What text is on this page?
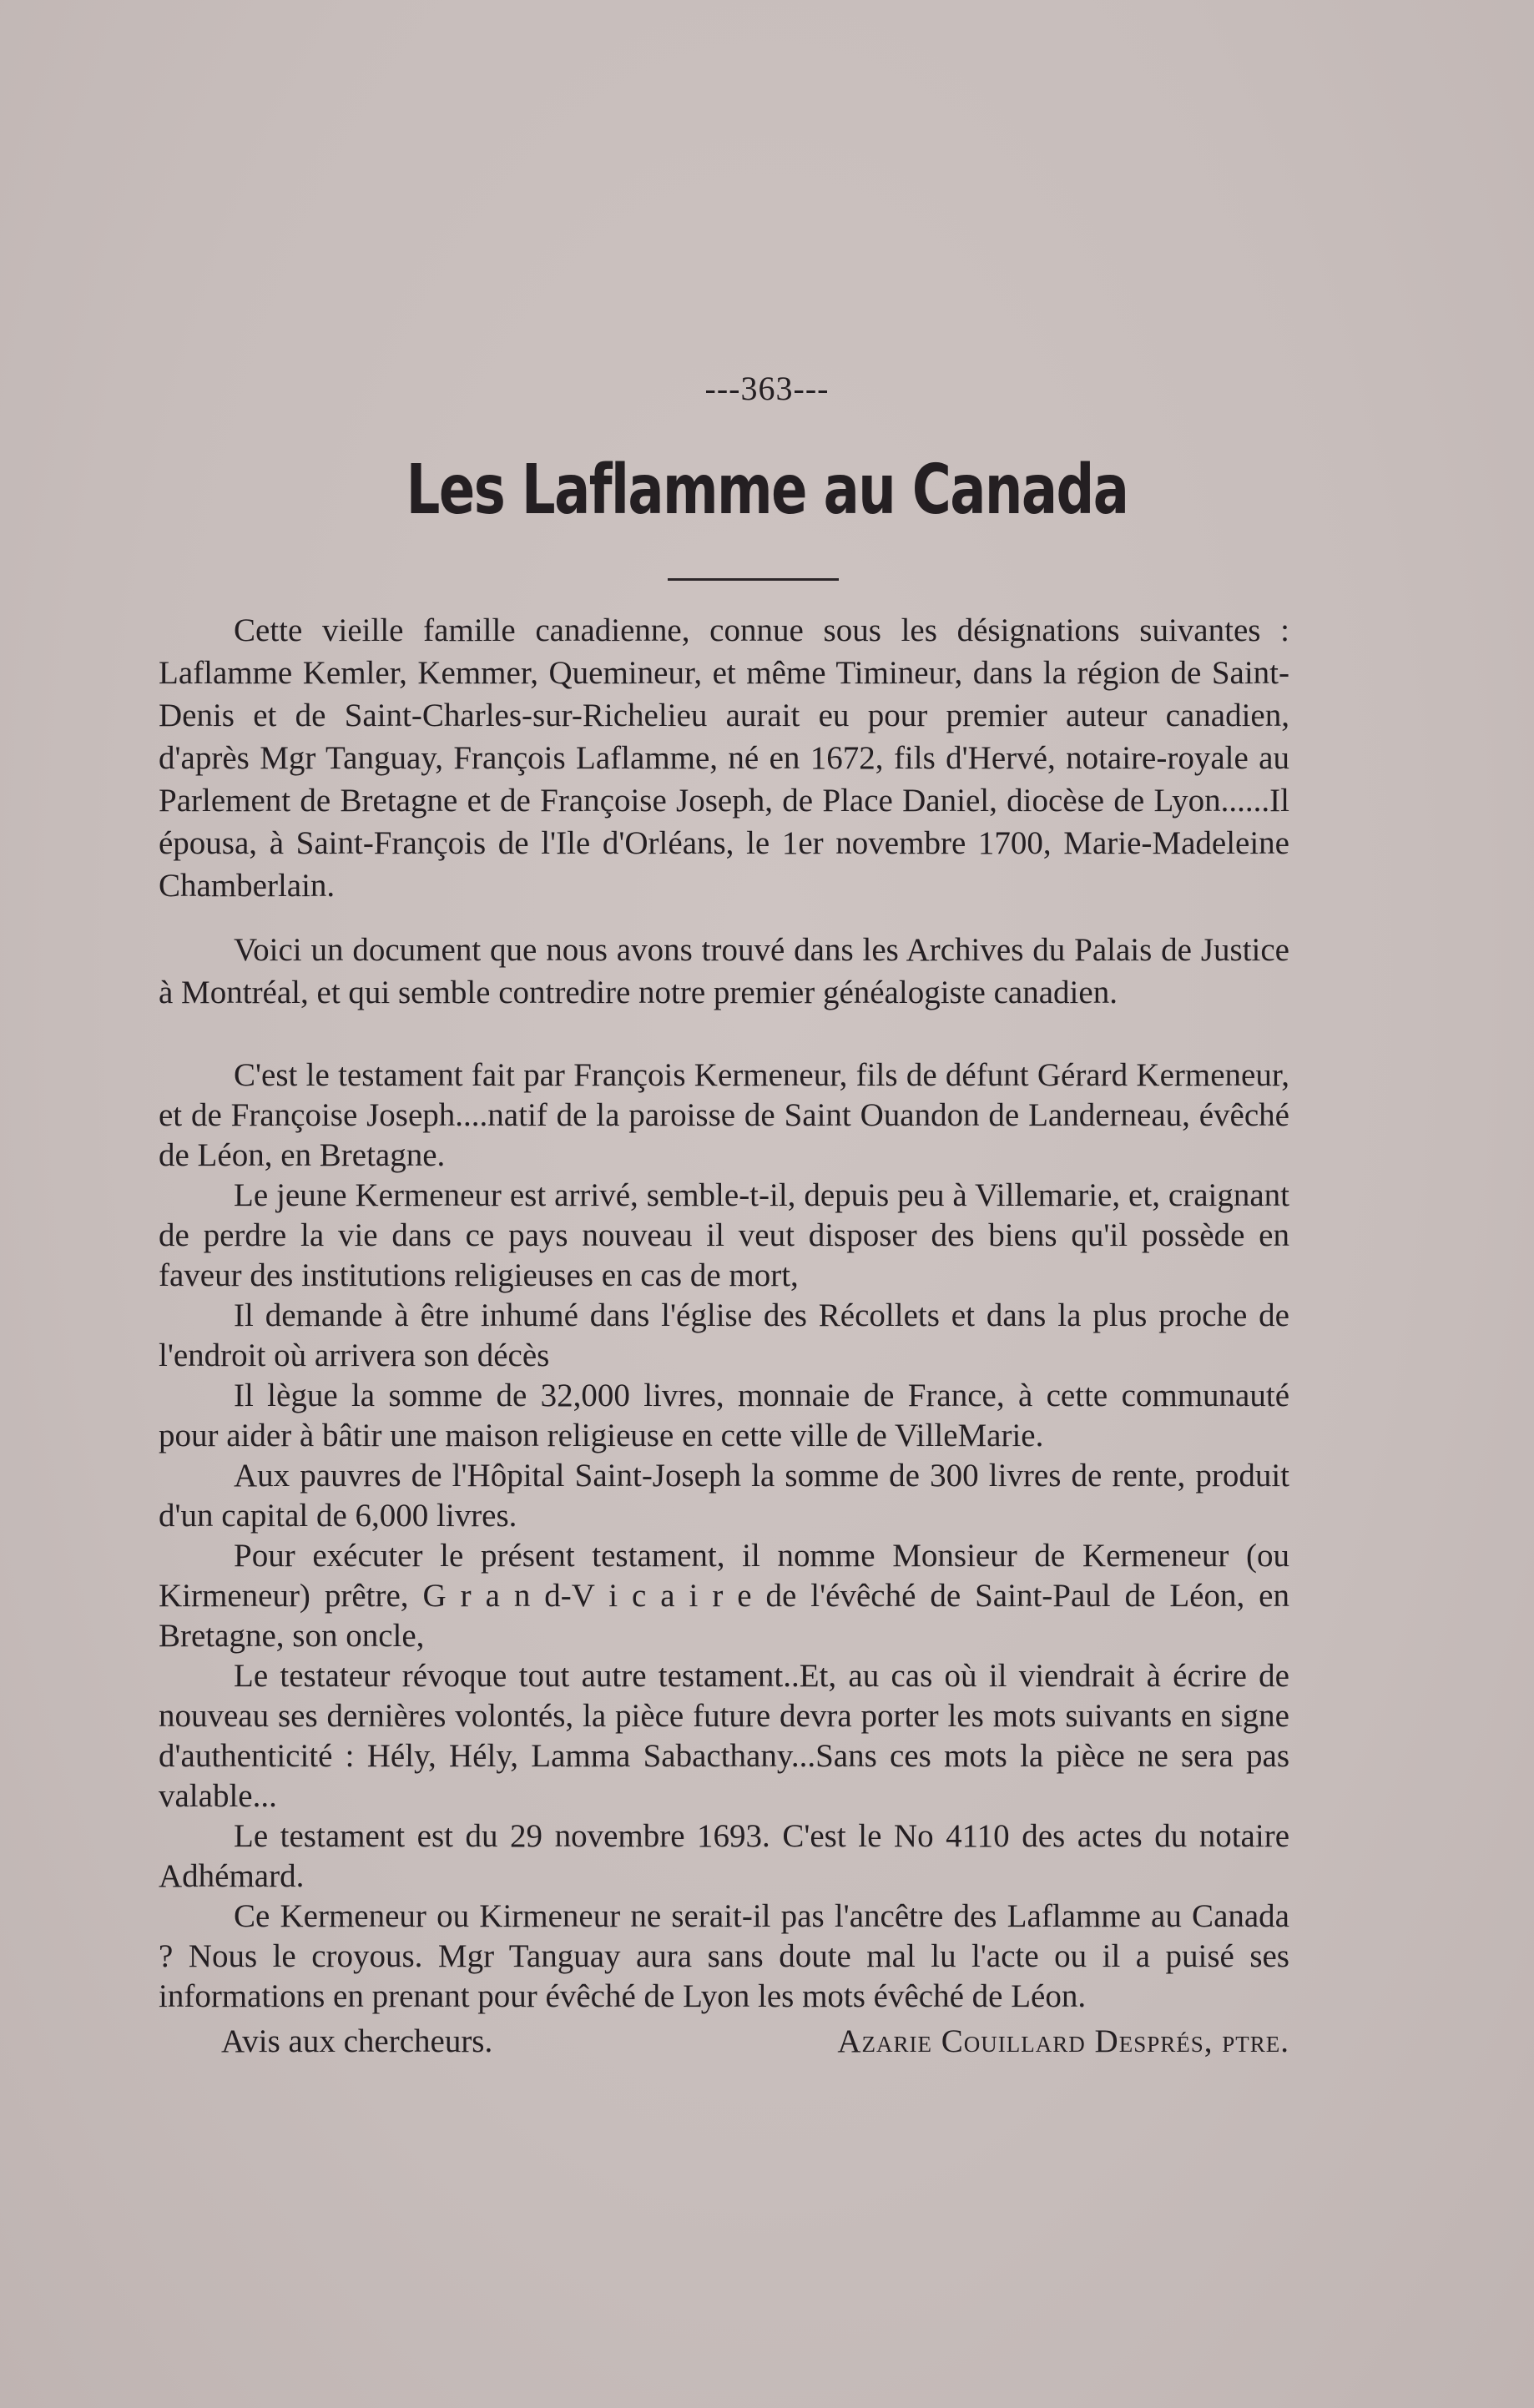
---363---
Les Laflamme au Canada

Cette vieille famille canadienne, connue sous les désignations suivantes : Laflamme Kemler, Kemmer, Quemineur, et même Timineur, dans la région de Saint-Denis et de Saint-Charles-sur-Richelieu aurait eu pour premier auteur canadien, d'après Mgr Tanguay, François Laflamme, né en 1672, fils d'Hervé, notaire-royale au Parlement de Bretagne et de Françoise Joseph, de Place Daniel, diocèse de Lyon......Il épousa, à Saint-François de l'Ile d'Orléans, le 1er novembre 1700, Marie-Madeleine Chamberlain.

Voici un document que nous avons trouvé dans les Archives du Palais de Justice à Montréal, et qui semble contredire notre premier généalogiste canadien.

C'est le testament fait par François Kermeneur, fils de défunt Gérard Kermeneur, et de Françoise Joseph....natif de la paroisse de Saint Ouandon de Landerneau, évêché de Léon, en Bretagne.

Le jeune Kermeneur est arrivé, semble-t-il, depuis peu à Villemarie, et, craignant de perdre la vie dans ce pays nouveau il veut disposer des biens qu'il possède en faveur des institutions religieuses en cas de mort,

Il demande à être inhumé dans l'église des Récollets et dans la plus proche de l'endroit où arrivera son décès

Il lègue la somme de 32,000 livres, monnaie de France, à cette communauté pour aider à bâtir une maison religieuse en cette ville de VilleMarie.

Aux pauvres de l'Hôpital Saint-Joseph la somme de 300 livres de rente, produit d'un capital de 6,000 livres.

Pour exécuter le présent testament, il nomme Monsieur de Kermeneur (ou Kirmeneur) prêtre, G r a n d-V i c a i r e de l'évêché de Saint-Paul de Léon, en Bretagne, son oncle,

Le testateur révoque tout autre testament..Et, au cas où il viendrait à écrire de nouveau ses dernières volontés, la pièce future devra porter les mots suivants en signe d'authenticité : Hély, Hély, Lamma Sabacthany...Sans ces mots la pièce ne sera pas valable...

Le testament est du 29 novembre 1693. C'est le No 4110 des actes du notaire Adhémard.

Ce Kermeneur ou Kirmeneur ne serait-il pas l'ancêtre des Laflamme au Canada ? Nous le croyous. Mgr Tanguay aura sans doute mal lu l'acte ou il a puisé ses informations en prenant pour évêché de Lyon les mots évêché de Léon.

Avis aux chercheurs.	Azarie Couillard Després, ptre.
